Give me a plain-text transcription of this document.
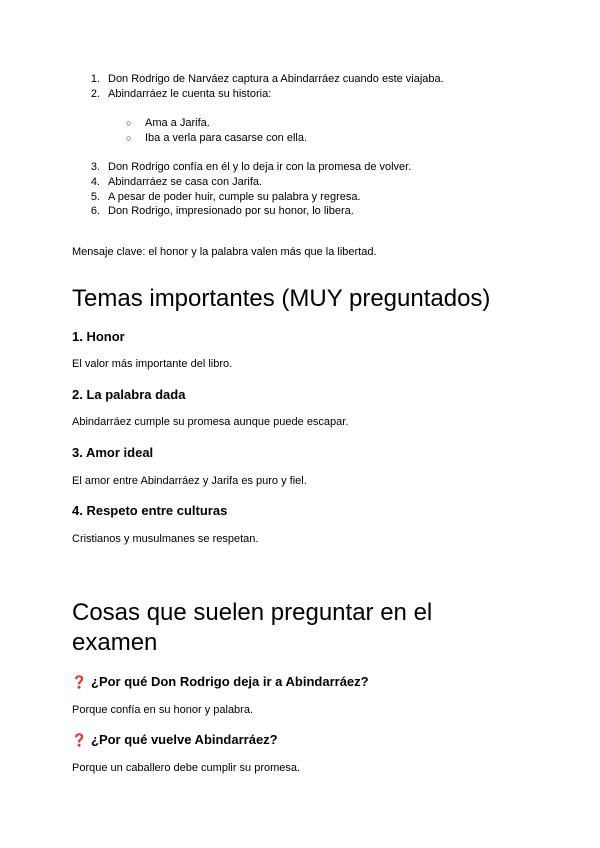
1. Don Rodrigo de Narváez captura a Abindarráez cuando este viajaba.
2. Abindarráez le cuenta su historia:
○ Ama a Jarifa.
○ Iba a verla para casarse con ella.
3. Don Rodrigo confía en él y lo deja ir con la promesa de volver.
4. Abindarráez se casa con Jarifa.
5. A pesar de poder huir, cumple su palabra y regresa.
6. Don Rodrigo, impresionado por su honor, lo libera.
Mensaje clave: el honor y la palabra valen más que la libertad.
Temas importantes (MUY preguntados)
1. Honor
El valor más importante del libro.
2. La palabra dada
Abindarráez cumple su promesa aunque puede escapar.
3. Amor ideal
El amor entre Abindarráez y Jarifa es puro y fiel.
4. Respeto entre culturas
Cristianos y musulmanes se respetan.
Cosas que suelen preguntar en el
examen
¿Por qué Don Rodrigo deja ir a Abindarráez?
Porque confía en su honor y palabra.
¿Por qué vuelve Abindarráez?
Porque un caballero debe cumplir su promesa.
